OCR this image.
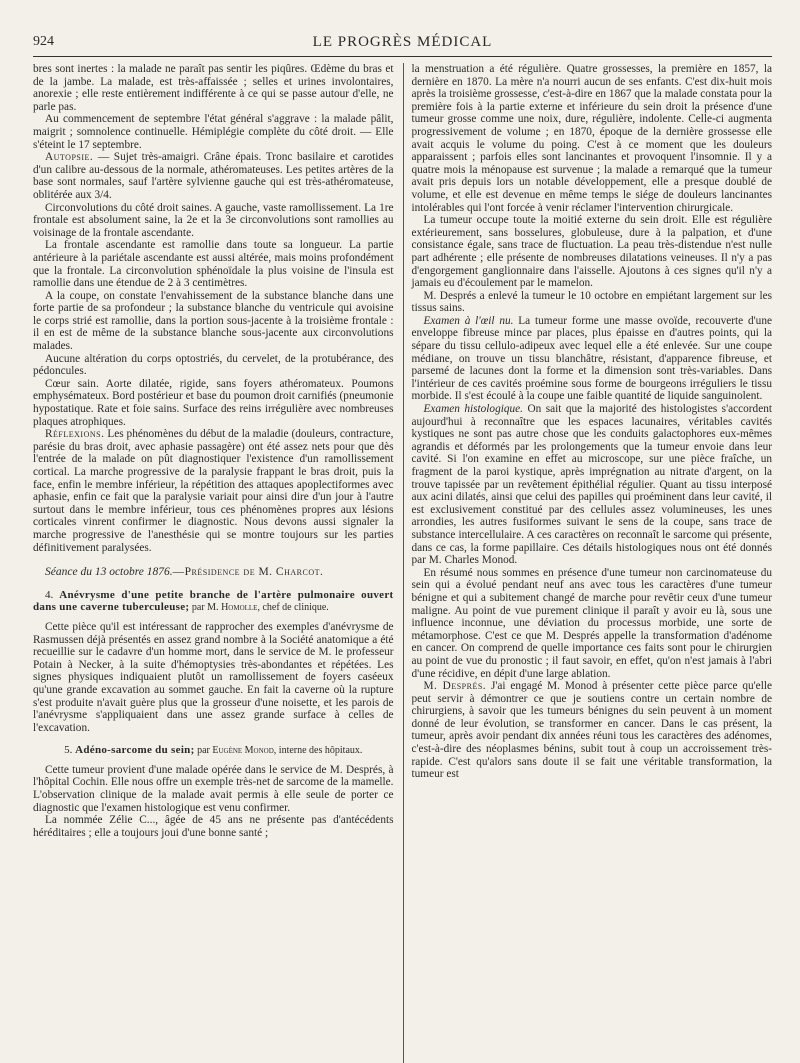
924	LE PROGRÈS MÉDICAL

bres sont inertes : la malade ne paraît pas sentir les piqûres. Œdème du bras et de la jambe. La malade, est très-affaissée ; selles et urines involontaires, anorexie ; elle reste entièrement indifférente à ce qui se passe autour d'elle, ne parle pas.

Au commencement de septembre l'état général s'aggrave : la malade pâlit, maigrit ; somnolence continuelle. Hémiplégie complète du côté droit. — Elle s'éteint le 17 septembre.

Autopsie. — Sujet très-amaigri. Crâne épais. Tronc basilaire et carotides d'un calibre au-dessous de la normale, athéromateuses. Les petites artères de la base sont normales, sauf l'artère sylvienne gauche qui est très-athéromateuse, oblitérée aux 3/4.

Circonvolutions du côté droit saines. A gauche, vaste ramollissement. La 1re frontale est absolument saine, la 2e et la 3e circonvolutions sont ramollies au voisinage de la frontale ascendante.

La frontale ascendante est ramollie dans toute sa longueur. La partie antérieure à la pariétale ascendante est aussi altérée, mais moins profondément que la frontale. La circonvolution sphénoïdale la plus voisine de l'insula est ramollie dans une étendue de 2 à 3 centimètres.

A la coupe, on constate l'envahissement de la substance blanche dans une forte partie de sa profondeur ; la substance blanche du ventricule qui avoisine le corps strié est ramollie, dans la portion sous-jacente à la troisième frontale : il en est de même de la substance blanche sous-jacente aux circonvolutions malades.

Aucune altération du corps optostriés, du cervelet, de la protubérance, des pédoncules.

Cœur sain. Aorte dilatée, rigide, sans foyers athéromateux. Poumons emphysémateux. Bord postérieur et base du poumon droit carnifiés (pneumonie hypostatique. Rate et foie sains. Surface des reins irrégulière avec nombreuses plaques atrophiques.

Réflexions. Les phénomènes du début de la maladie (douleurs, contracture, parésie du bras droit, avec aphasie passagère) ont été assez nets pour que dès l'entrée de la malade on pût diagnostiquer l'existence d'un ramollissement cortical. La marche progressive de la paralysie frappant le bras droit, puis la face, enfin le membre inférieur, la répétition des attaques apoplectiformes avec aphasie, enfin ce fait que la paralysie variait pour ainsi dire d'un jour à l'autre surtout dans le membre inférieur, tous ces phénomènes propres aux lésions corticales vinrent confirmer le diagnostic. Nous devons aussi signaler la marche progressive de l'anesthésie qui se montre toujours sur les parties définitivement paralysées.

Séance du 13 octobre 1876.—Présidence de M. Charcot.
4. Anévrysme d'une petite branche de l'artère pulmonaire ouvert dans une caverne tuberculeuse; par M. Homolle, chef de clinique.

Cette pièce qu'il est intéressant de rapprocher des exemples d'anévrysme de Rasmussen déjà présentés en assez grand nombre à la Société anatomique a été recueillie sur le cadavre d'un homme mort, dans le service de M. le professeur Potain à Necker, à la suite d'hémoptysies très-abondantes et répétées. Les signes physiques indiquaient plutôt un ramollissement de foyers caséeux qu'une grande excavation au sommet gauche. En fait la caverne où la rupture s'est produite n'avait guère plus que la grosseur d'une noisette, et les parois de l'anévrysme s'appliquaient dans une assez grande surface à celles de l'excavation.

5. Adéno-sarcome du sein; par Eugène Monod, interne des hôpitaux.

Cette tumeur provient d'une malade opérée dans le service de M. Després, à l'hôpital Cochin. Elle nous offre un exemple très-net de sarcome de la mamelle. L'observation clinique de la malade avait permis à elle seule de porter ce diagnostic que l'examen histologique est venu confirmer.

La nommée Zélie C..., âgée de 45 ans ne présente pas d'antécédents héréditaires ; elle a toujours joui d'une bonne santé ;

la menstruation a été régulière. Quatre grossesses, la première en 1857, la dernière en 1870. La mère n'a nourri aucun de ses enfants. C'est dix-huit mois après la troisième grossesse, c'est-à-dire en 1867 que la malade constata pour la première fois à la partie externe et inférieure du sein droit la présence d'une tumeur grosse comme une noix, dure, régulière, indolente. Celle-ci augmenta progressivement de volume ; en 1870, époque de la dernière grossesse elle avait acquis le volume du poing. C'est à ce moment que les douleurs apparaissent ; parfois elles sont lancinantes et provoquent l'insomnie. Il y a quatre mois la ménopause est survenue ; la malade a remarqué que la tumeur avait pris depuis lors un notable développement, elle a presque doublé de volume, et elle est devenue en même temps le siége de douleurs lancinantes intolérables qui l'ont forcée à venir réclamer l'intervention chirurgicale.

La tumeur occupe toute la moitié externe du sein droit. Elle est régulière extérieurement, sans bosselures, globuleuse, dure à la palpation, et d'une consistance égale, sans trace de fluctuation. La peau très-distendue n'est nulle part adhérente ; elle présente de nombreuses dilatations veineuses. Il n'y a pas d'engorgement ganglionnaire dans l'aisselle. Ajoutons à ces signes qu'il n'y a jamais eu d'écoulement par le mamelon.

M. Després a enlevé la tumeur le 10 octobre en empiétant largement sur les tissus sains.

Examen à l'œil nu. La tumeur forme une masse ovoïde, recouverte d'une enveloppe fibreuse mince par places, plus épaisse en d'autres points, qui la sépare du tissu cellulo-adipeux avec lequel elle a été enlevée. Sur une coupe médiane, on trouve un tissu blanchâtre, résistant, d'apparence fibreuse, et parsemé de lacunes dont la forme et la dimension sont très-variables. Dans l'intérieur de ces cavités proémine sous forme de bourgeons irréguliers le tissu morbide. Il s'est écoulé à la coupe une faible quantité de liquide sanguinolent.

Examen histologique. On sait que la majorité des histologistes s'accordent aujourd'hui à reconnaître que les espaces lacunaires, véritables cavités kystiques ne sont pas autre chose que les conduits galactophores eux-mêmes agrandis et déformés par les prolongements que la tumeur envoie dans leur cavité. Si l'on examine en effet au microscope, sur une pièce fraîche, un fragment de la paroi kystique, après imprégnation au nitrate d'argent, on la trouve tapissée par un revêtement épithélial régulier. Quant au tissu interposé aux acini dilatés, ainsi que celui des papilles qui proéminent dans leur cavité, il est exclusivement constitué par des cellules assez volumineuses, les unes arrondies, les autres fusiformes suivant le sens de la coupe, sans trace de substance intercellulaire. A ces caractères on reconnaît le sarcome qui présente, dans ce cas, la forme papillaire. Ces détails histologiques nous ont été donnés par M. Charles Monod.

En résumé nous sommes en présence d'une tumeur non carcinomateuse du sein qui a évolué pendant neuf ans avec tous les caractères d'une tumeur bénigne et qui a subitement changé de marche pour revêtir ceux d'une tumeur maligne. Au point de vue purement clinique il paraît y avoir eu là, sous une influence inconnue, une déviation du processus morbide, une sorte de métamorphose. C'est ce que M. Després appelle la transformation d'adénome en cancer. On comprend de quelle importance ces faits sont pour le chirurgien au point de vue du pronostic ; il faut savoir, en effet, qu'on n'est jamais à l'abri d'une récidive, en dépit d'une large ablation.

M. Després. J'ai engagé M. Monod à présenter cette pièce parce qu'elle peut servir à démontrer ce que je soutiens contre un certain nombre de chirurgiens, à savoir que les tumeurs bénignes du sein peuvent à un moment donné de leur évolution, se transformer en cancer. Dans le cas présent, la tumeur, après avoir pendant dix années réuni tous les caractères des adénomes, c'est-à-dire des néoplasmes bénins, subit tout à coup un accroissement très-rapide. C'est qu'alors sans doute il se fait une véritable transformation, la tumeur est
